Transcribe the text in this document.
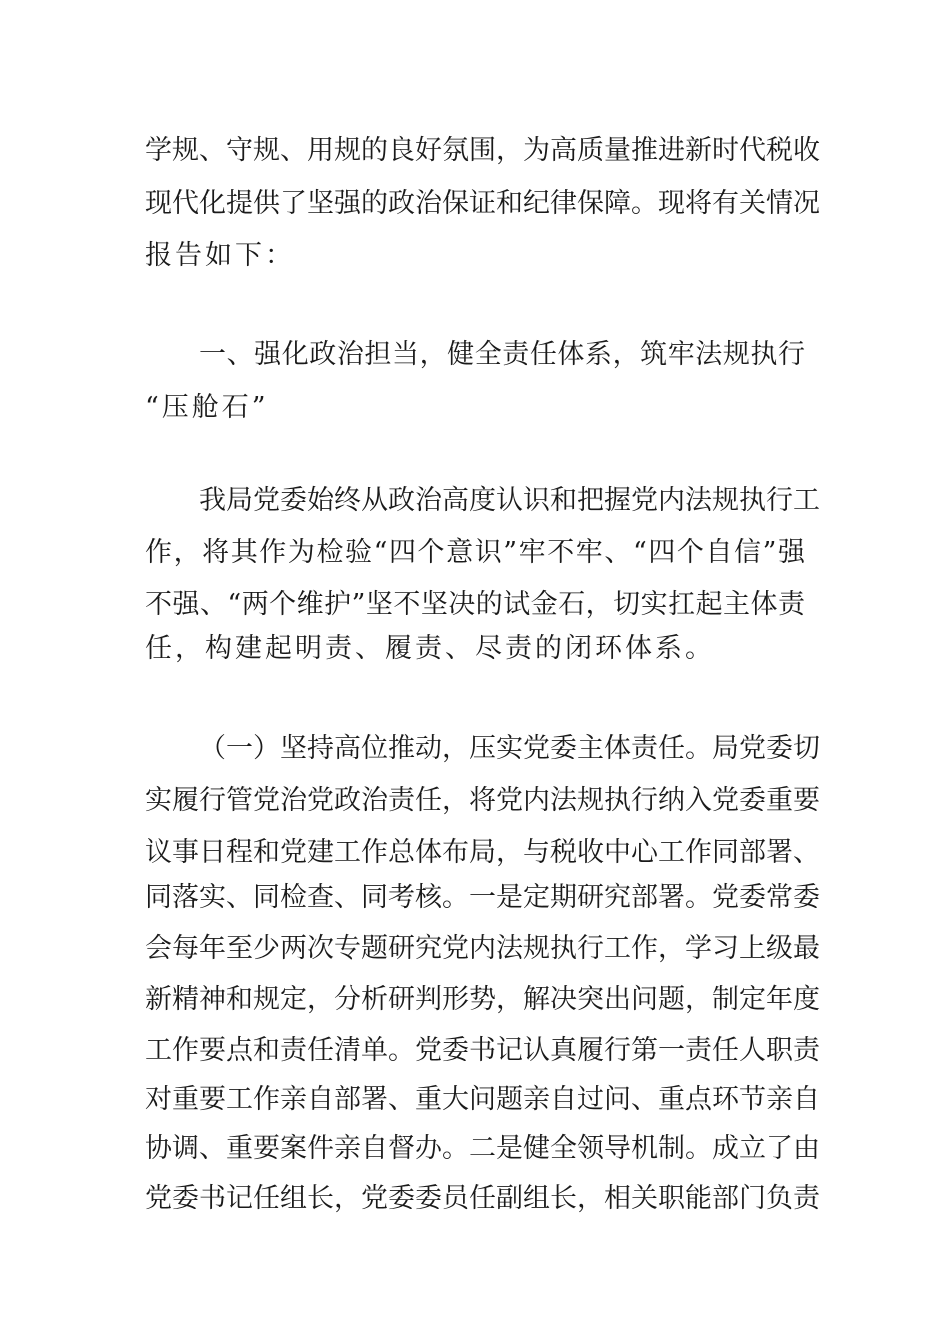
学规、守规、用规的良好氛围，为高质量推进新时代税收

现代化提供了坚强的政治保证和纪律保障。现将有关情况

报告如下：

一、强化政治担当，健全责任体系，筑牢法规执行

“压舱石”

我局党委始终从政治高度认识和把握党内法规执行工

作，将其作为检验“四个意识”牢不牢、“四个自信”强

不强、“两个维护”坚不坚决的试金石，切实扛起主体责

任，构建起明责、履责、尽责的闭环体系。

（一）坚持高位推动，压实党委主体责任。局党委切

实履行管党治党政治责任，将党内法规执行纳入党委重要

议事日程和党建工作总体布局，与税收中心工作同部署、

同落实、同检查、同考核。一是定期研究部署。党委常委

会每年至少两次专题研究党内法规执行工作，学习上级最

新精神和规定，分析研判形势，解决突出问题，制定年度

工作要点和责任清单。党委书记认真履行第一责任人职责

对重要工作亲自部署、重大问题亲自过问、重点环节亲自

协调、重要案件亲自督办。二是健全领导机制。成立了由

党委书记任组长，党委委员任副组长，相关职能部门负责
